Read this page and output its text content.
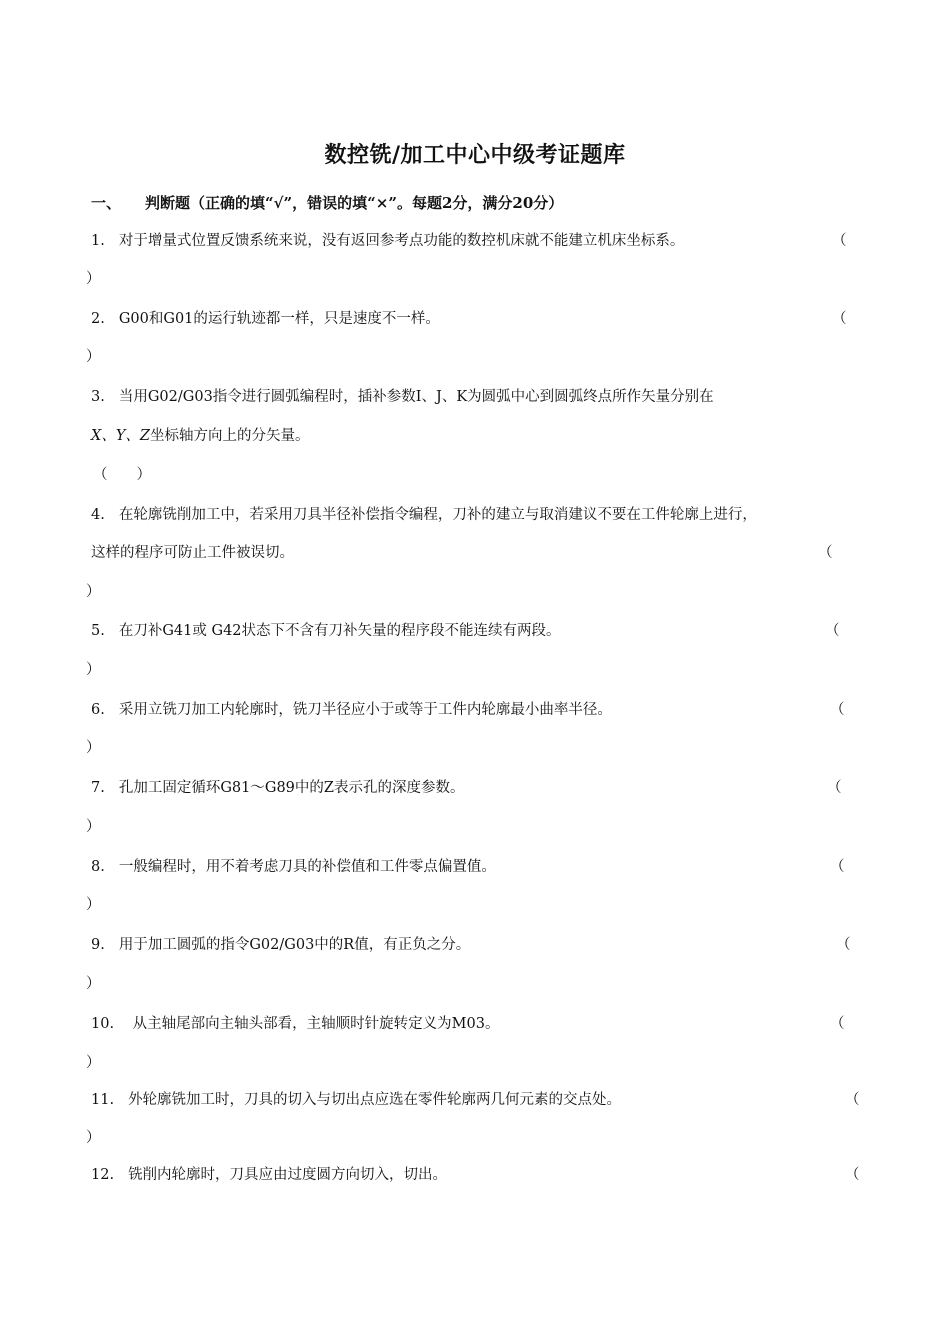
数控铣/加工中心中级考证题库
一、 判断题（正确的填“√”，错误的填“×”。每题2分，满分20分）
1. 对于增量式位置反馈系统来说，没有返回参考点功能的数控机床就不能建立机床坐标系。	（
）
2. G00和G01的运行轨迹都一样，只是速度不一样。	（
）
3. 当用G02/G03指令进行圆弧编程时，插补参数I、J、K为圆弧中心到圆弧终点所作矢量分别在
X、Y、Z坐标轴方向上的分矢量。
（　　）
4. 在轮廓铣削加工中，若采用刀具半径补偿指令编程，刀补的建立与取消建议不要在工件轮廓上进行，
这样的程序可防止工件被误切。	（
）
5. 在刀补G41或 G42状态下不含有刀补矢量的程序段不能连续有两段。	（
）
6. 采用立铣刀加工内轮廓时，铣刀半径应小于或等于工件内轮廓最小曲率半径。	（
）
7. 孔加工固定循环G81～G89中的Z表示孔的深度参数。	（
）
8. 一般编程时，用不着考虑刀具的补偿值和工件零点偏置值。	（
）
9. 用于加工圆弧的指令G02/G03中的R值，有正负之分。	（
）
10. 从主轴尾部向主轴头部看，主轴顺时针旋转定义为M03。	（
）
11. 外轮廓铣加工时，刀具的切入与切出点应选在零件轮廓两几何元素的交点处。	（
）
12. 铣削内轮廓时，刀具应由过度圆方向切入，切出。	（
